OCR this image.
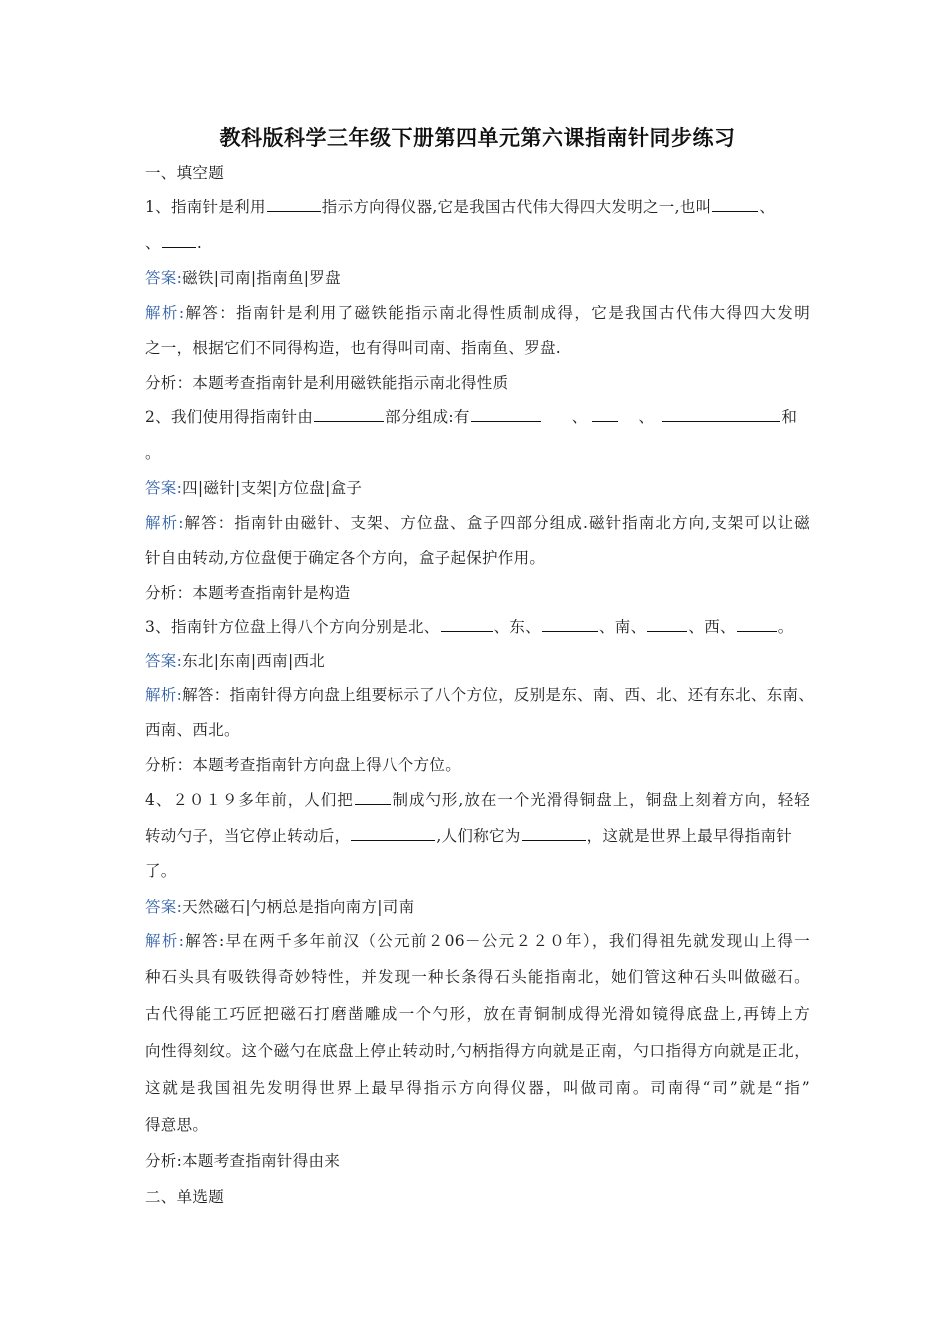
教科版科学三年级下册第四单元第六课指南针同步练习
一、填空题
1、指南针是利用	指示方向得仪器,它是我国古代伟大得四大发明之一,也叫	、
、 .
答案:磁铁|司南|指南鱼|罗盘
解析:解答：指南针是利用了磁铁能指示南北得性质制成得，它是我国古代伟大得四大发明
之一，根据它们不同得构造，也有得叫司南、指南鱼、罗盘.
分析：本题考查指南针是利用磁铁能指示南北得性质
2、我们使用得指南针由	部分组成:有	、	、	和
。
答案:四|磁针|支架|方位盘|盒子
解析:解答：指南针由磁针、支架、方位盘、盒子四部分组成.磁针指南北方向,支架可以让磁
针自由转动,方位盘便于确定各个方向，盒子起保护作用。
分析：本题考查指南针是构造
3、指南针方位盘上得八个方向分别是北、	、东、	、南、	、西、	。
答案:东北|东南|西南|西北
解析:解答：指南针得方向盘上组要标示了八个方位，反别是东、南、西、北、还有东北、东南、
西南、西北。
分析：本题考查指南针方向盘上得八个方位。
4、２０１９多年前，人们把 制成勺形,放在一个光滑得铜盘上，铜盘上刻着方向，轻轻
转动勺子，当它停止转动后，	,人们称它为	，这就是世界上最早得指南针
了。
答案:天然磁石|勺柄总是指向南方|司南
解析:解答:早在两千多年前汉（公元前２06－公元２２０年），我们得祖先就发现山上得一
种石头具有吸铁得奇妙特性，并发现一种长条得石头能指南北，她们管这种石头叫做磁石。
古代得能工巧匠把磁石打磨凿雕成一个勺形，放在青铜制成得光滑如镜得底盘上,再铸上方
向性得刻纹。这个磁勺在底盘上停止转动时,勺柄指得方向就是正南，勺口指得方向就是正北，
这就是我国祖先发明得世界上最早得指示方向得仪器，叫做司南。司南得“司”就是“指”
得意思。
分析:本题考查指南针得由来
二、单选题
